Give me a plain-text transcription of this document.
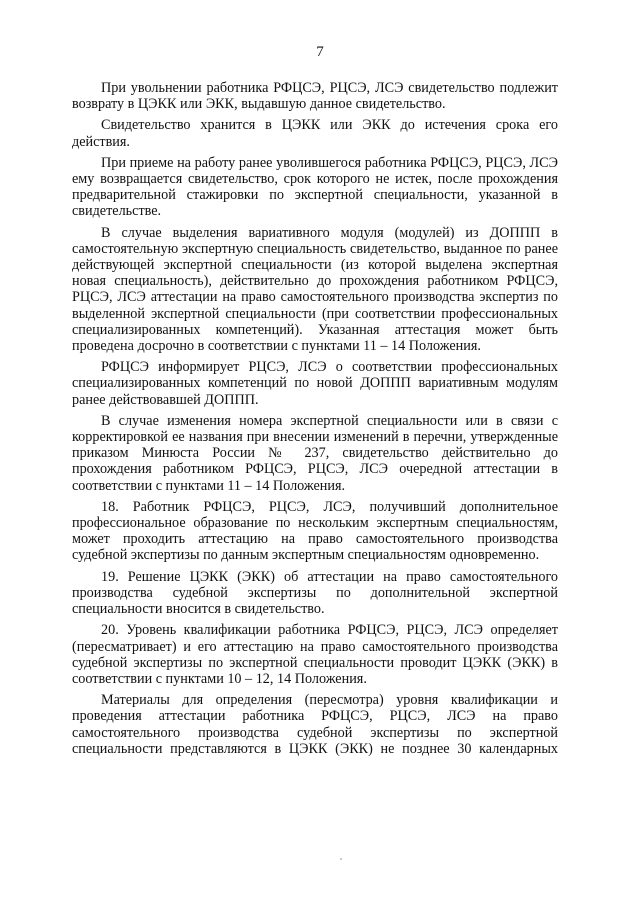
7

При увольнении работника РФЦСЭ, РЦСЭ, ЛСЭ свидетельство подлежит возврату в ЦЭКК или ЭКК, выдавшую данное свидетельство.

Свидетельство хранится в ЦЭКК или ЭКК до истечения срока его действия.

При приеме на работу ранее уволившегося работника РФЦСЭ, РЦСЭ, ЛСЭ ему возвращается свидетельство, срок которого не истек, после прохождения предварительной стажировки по экспертной специальности, указанной в свидетельстве.

В случае выделения вариативного модуля (модулей) из ДОППП в самостоятельную экспертную специальность свидетельство, выданное по ранее действующей экспертной специальности (из которой выделена экспертная новая специальность), действительно до прохождения работником РФЦСЭ, РЦСЭ, ЛСЭ аттестации на право самостоятельного производства экспертиз по выделенной экспертной специальности (при соответствии профессиональных специализированных компетенций). Указанная аттестация может быть проведена досрочно в соответствии с пунктами 11 – 14 Положения.

РФЦСЭ информирует РЦСЭ, ЛСЭ о соответствии профессиональных специализированных компетенций по новой ДОППП вариативным модулям ранее действовавшей ДОППП.

В случае изменения номера экспертной специальности или в связи с корректировкой ее названия при внесении изменений в перечни, утвержденные приказом Минюста России № 237, свидетельство действительно до прохождения работником РФЦСЭ, РЦСЭ, ЛСЭ очередной аттестации в соответствии с пунктами 11 – 14 Положения.

18. Работник РФЦСЭ, РЦСЭ, ЛСЭ, получивший дополнительное профессиональное образование по нескольким экспертным специальностям, может проходить аттестацию на право самостоятельного производства судебной экспертизы по данным экспертным специальностям одновременно.

19. Решение ЦЭКК (ЭКК) об аттестации на право самостоятельного производства судебной экспертизы по дополнительной экспертной специальности вносится в свидетельство.

20. Уровень квалификации работника РФЦСЭ, РЦСЭ, ЛСЭ определяет (пересматривает) и его аттестацию на право самостоятельного производства судебной экспертизы по экспертной специальности проводит ЦЭКК (ЭКК) в соответствии с пунктами 10 – 12, 14 Положения.

Материалы для определения (пересмотра) уровня квалификации и проведения аттестации работника РФЦСЭ, РЦСЭ, ЛСЭ на право самостоятельного производства судебной экспертизы по экспертной специальности представляются в ЦЭКК (ЭКК) не позднее 30 календарных
